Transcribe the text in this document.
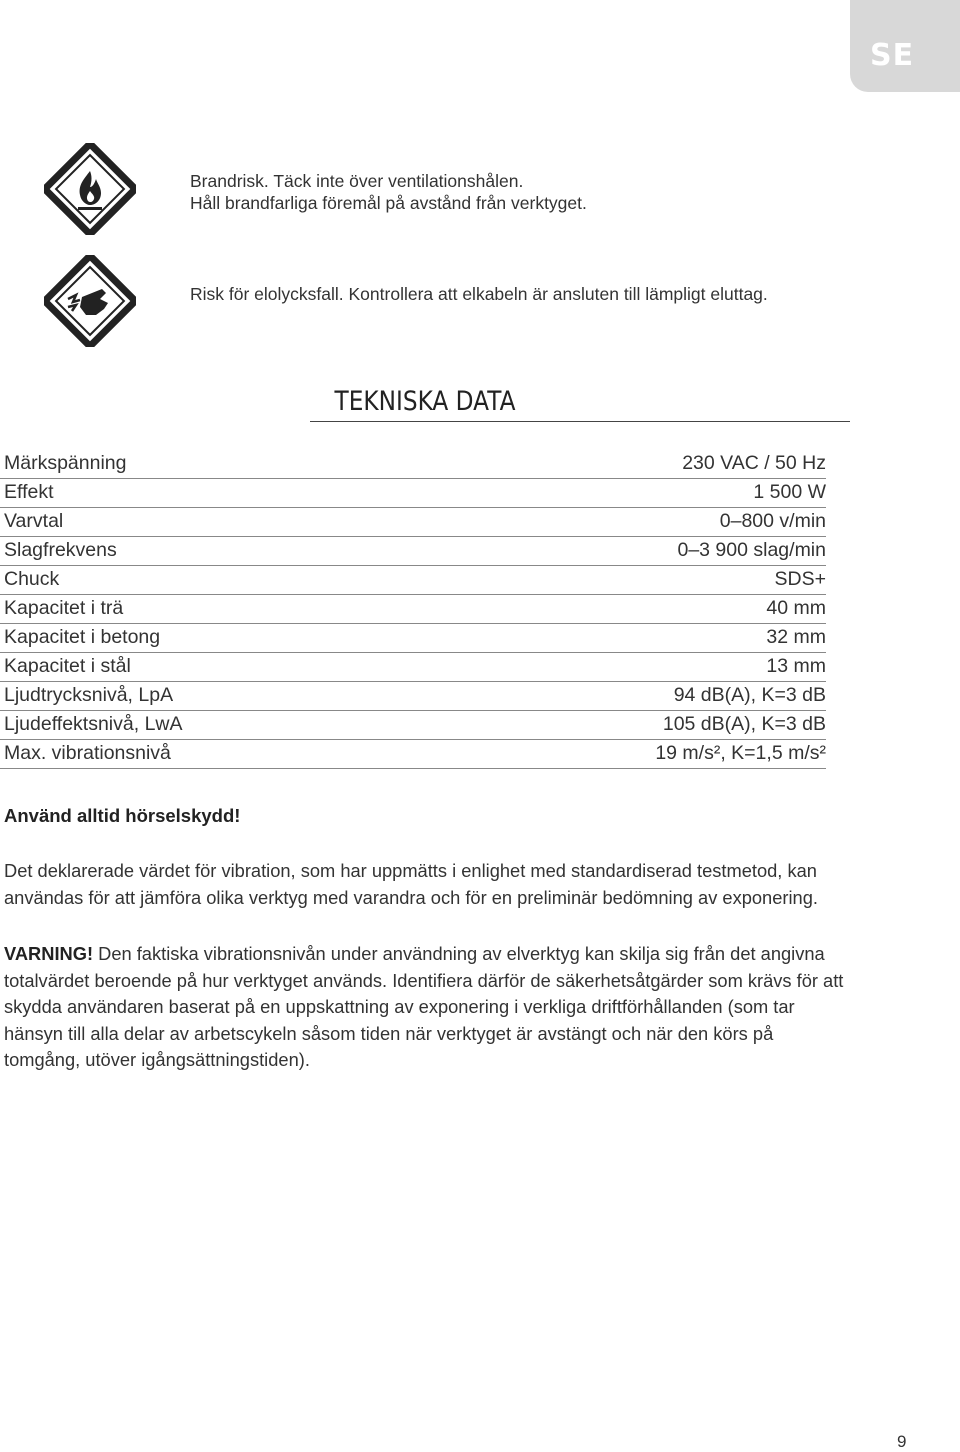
SE
Brandrisk. Täck inte över ventilationshålen.
Håll brandfarliga föremål på avstånd från verktyget.
Risk för elolycksfall. Kontrollera att elkabeln är ansluten till lämpligt eluttag.
TEKNISKA DATA
Märkspänning	230 VAC / 50 Hz
Effekt	1 500 W
Varvtal	0–800 v/min
Slagfrekvens	0–3 900 slag/min
Chuck	SDS+
Kapacitet i trä	40 mm
Kapacitet i betong	32 mm
Kapacitet i stål	13 mm
Ljudtrycksnivå, LpA	94 dB(A), K=3 dB
Ljudeffektsnivå, LwA	105 dB(A), K=3 dB
Max. vibrationsnivå	19 m/s², K=1,5 m/s²
Använd alltid hörselskydd!
Det deklarerade värdet för vibration, som har uppmätts i enlighet med standardiserad testmetod, kan användas för att jämföra olika verktyg med varandra och för en preliminär bedömning av exponering.
VARNING! Den faktiska vibrationsnivån under användning av elverktyg kan skilja sig från det angivna totalvärdet beroende på hur verktyget används. Identifiera därför de säkerhetsåtgärder som krävs för att skydda användaren baserat på en uppskattning av exponering i verkliga driftförhållanden (som tar hänsyn till alla delar av arbetscykeln såsom tiden när verktyget är avstängt och när den körs på tomgång, utöver igångsättningstiden).
9
